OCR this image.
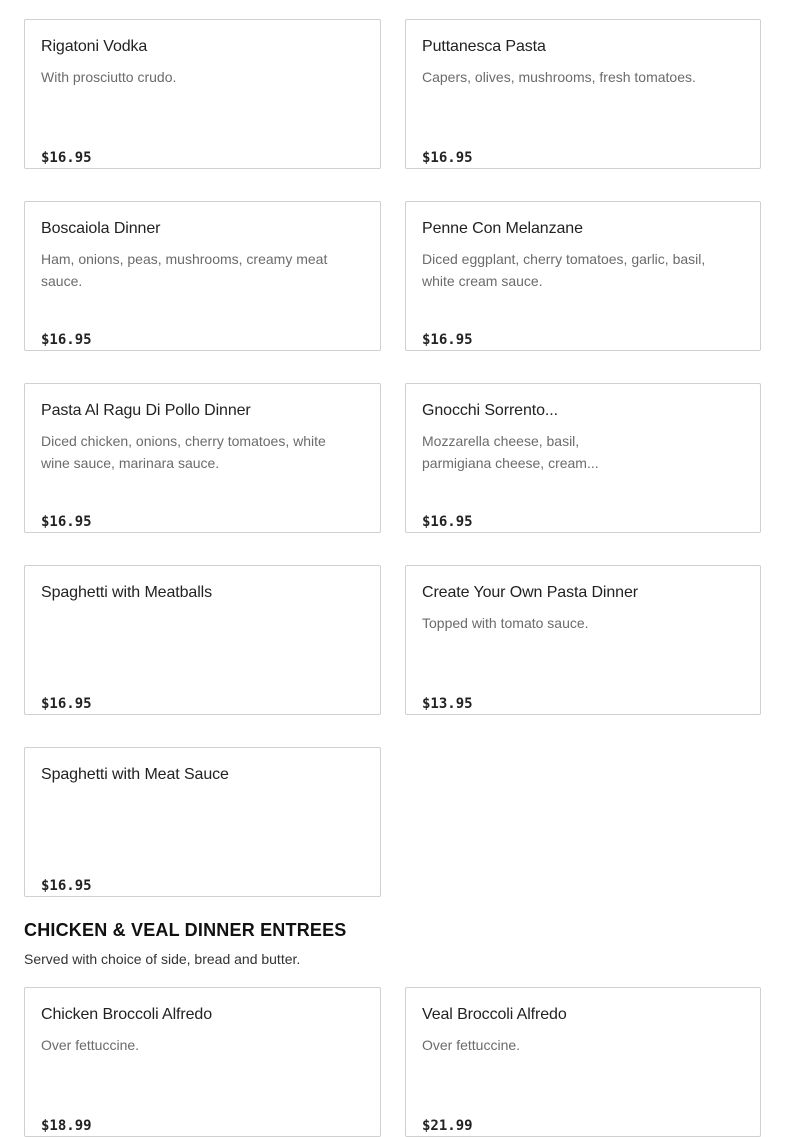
Rigatoni Vodka
With prosciutto crudo.
$16.95
Puttanesca Pasta
Capers, olives, mushrooms, fresh tomatoes.
$16.95
Boscaiola Dinner
Ham, onions, peas, mushrooms, creamy meat sauce.
$16.95
Penne Con Melanzane
Diced eggplant, cherry tomatoes, garlic, basil, white cream sauce.
$16.95
Pasta Al Ragu Di Pollo Dinner
Diced chicken, onions, cherry tomatoes, white wine sauce, marinara sauce.
$16.95
Gnocchi Sorrento...
Mozzarella cheese, basil, parmigiana cheese, cream...
$16.95
Spaghetti with Meatballs
$16.95
Create Your Own Pasta Dinner
Topped with tomato sauce.
$13.95
Spaghetti with Meat Sauce
$16.95
CHICKEN & VEAL DINNER ENTREES
Served with choice of side, bread and butter.
Chicken Broccoli Alfredo
Over fettuccine.
$18.99
Veal Broccoli Alfredo
Over fettuccine.
$21.99
